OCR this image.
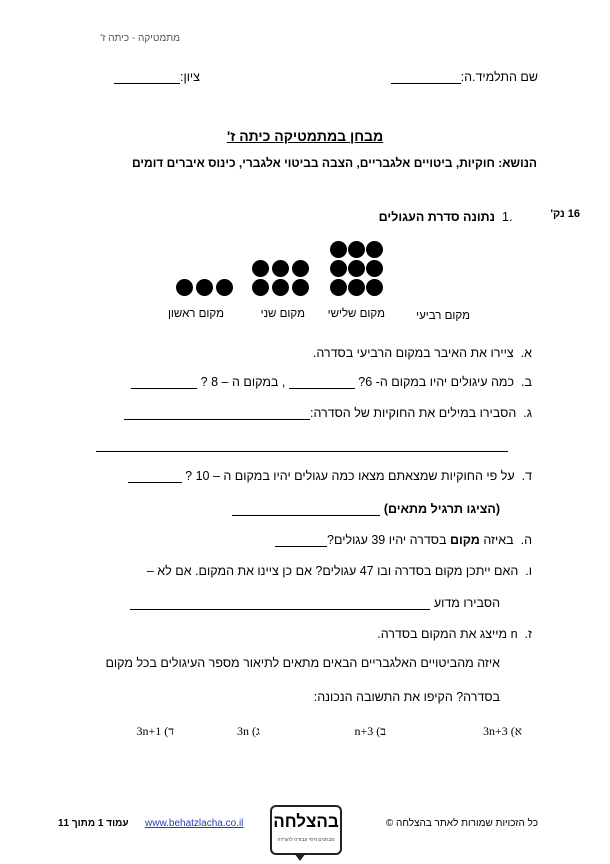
מתמטיקה - כיתה ז'
שם התלמיד.ה:
ציון:
מבחן במתמטיקה כיתה ז'
הנושא: חוקיות, ביטויים אלגבריים, הצבה בביטוי אלגברי, כינוס איברים דומים
16 נק'
1.
נתונה סדרת העגולים
מקום ראשון	מקום שני מקום שלישי	מקום רביעי
א.  ציירו את האיבר במקום הרביעי בסדרה.
ב.  כמה עיגולים יהיו במקום ה- 6?  , במקום ה – 8 ?
ג.  הסבירו במילים את החוקיות של הסדרה:
ד.  על פי החוקיות שמצאתם מצאו כמה עגולים יהיו במקום ה – 10 ?
(הציגו תרגיל מתאים)
ה.  באיזה מקום בסדרה יהיו 39 עגולים?
ו.  האם ייתכן מקום בסדרה ובו 47 עגולים? אם כן ציינו את המקום. אם לא –
הסבירו מדוע
ז.  n מייצג את המקום בסדרה.
איזה מהביטויים האלגבריים הבאים מתאים לתיאור מספר העיגולים בכל מקום
בסדרה? הקיפו את התשובה הנכונה:
א) 3n+3
ב) n+3
ג) 3n
ד) 3n+1
עמוד 1 מתוך 11 www.behatzlacha.co.il בהצלחה
מבחנים ודפי עבודה להורדה
כל הזכויות שמורות לאתר בהצלחה ©
